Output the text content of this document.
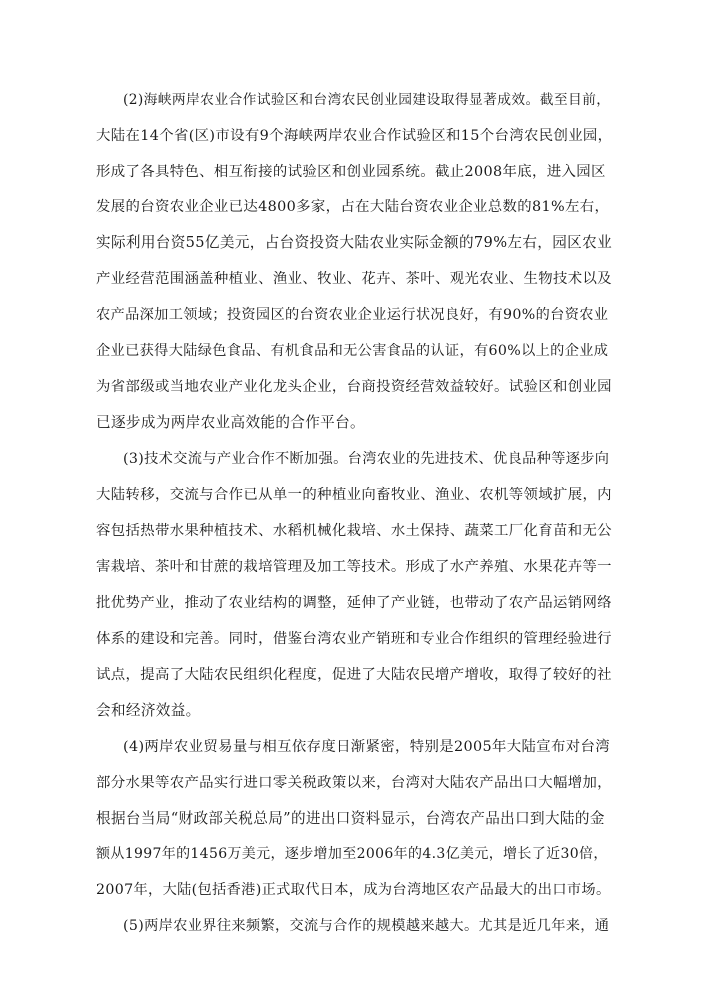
(2)海峡两岸农业合作试验区和台湾农民创业园建设取得显著成效。截至目前，
大陆在14个省(区)市设有9个海峡两岸农业合作试验区和15个台湾农民创业园，
形成了各具特色、相互衔接的试验区和创业园系统。截止2008年底，进入园区
发展的台资农业企业已达4800多家，占在大陆台资农业企业总数的81%左右，
实际利用台资55亿美元，占台资投资大陆农业实际金额的79%左右，园区农业
产业经营范围涵盖种植业、渔业、牧业、花卉、茶叶、观光农业、生物技术以及
农产品深加工领域；投资园区的台资农业企业运行状况良好，有90%的台资农业
企业已获得大陆绿色食品、有机食品和无公害食品的认证，有60%以上的企业成
为省部级或当地农业产业化龙头企业，台商投资经营效益较好。试验区和创业园
已逐步成为两岸农业高效能的合作平台。
(3)技术交流与产业合作不断加强。台湾农业的先进技术、优良品种等逐步向
大陆转移，交流与合作已从单一的种植业向畜牧业、渔业、农机等领域扩展，内
容包括热带水果种植技术、水稻机械化栽培、水土保持、蔬菜工厂化育苗和无公
害栽培、茶叶和甘蔗的栽培管理及加工等技术。形成了水产养殖、水果花卉等一
批优势产业，推动了农业结构的调整，延伸了产业链，也带动了农产品运销网络
体系的建设和完善。同时，借鉴台湾农业产销班和专业合作组织的管理经验进行
试点，提高了大陆农民组织化程度，促进了大陆农民增产增收，取得了较好的社
会和经济效益。
(4)两岸农业贸易量与相互依存度日渐紧密，特别是2005年大陆宣布对台湾
部分水果等农产品实行进口零关税政策以来，台湾对大陆农产品出口大幅增加，
根据台当局“财政部关税总局”的进出口资料显示，台湾农产品出口到大陆的金
额从1997年的1456万美元，逐步增加至2006年的4.3亿美元，增长了近30倍，
2007年，大陆(包括香港)正式取代日本，成为台湾地区农产品最大的出口市场。
(5)两岸农业界往来频繁，交流与合作的规模越来越大。尤其是近几年来，通
